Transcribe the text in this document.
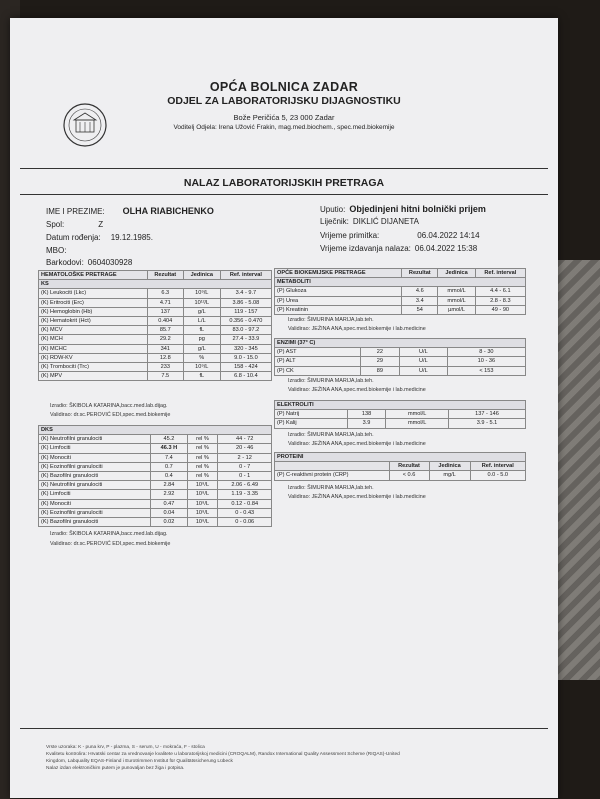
OPĆA BOLNICA ZADAR
ODJEL ZA LABORATORIJSKU DIJAGNOSTIKU
Bože Peričića 5, 23 000 Zadar
Voditelj Odjela: Irena Užović Frakin, mag.med.biochem., spec.med.biokemije
NALAZ LABORATORIJSKIH PRETRAGA
IME I PREZIME: OLHA RIABICHENKO
Spol:	Z
Datum rođenja: 19.12.1985.
MBO:
Barkodovi: 0604030928
Uputio: Objedinjeni hitni bolnički prijem
Liječnik: DIKLIĆ DIJANETA
Vrijeme primitka:	06.04.2022 14:14
Vrijeme izdavanja nalaza: 06.04.2022 15:38
HEMATOLOŠKE PRETRAGE	Rezultat	Jedinica	Ref. interval
KS			
(K) Leukociti (Lkc)	6.3	10⁹/L	3.4 - 9.7
(K) Eritrociti (Erc)	4.71	10¹²/L	3.86 - 5.08
(K) Hemoglobin (Hb)	137	g/L	119 - 157
(K) Hematokrit (Hct)	0.404	L/L	0.356 - 0.470
(K) MCV	85.7	fL	83.0 - 97.2
(K) MCH	29.2	pg	27.4 - 33.9
(K) MCHC	341	g/L	320 - 345
(K) RDW-KV	12.8	%	9.0 - 15.0
(K) Trombociti (Trc)	233	10⁹/L	158 - 424
(K) MPV	7.5	fL	6.8 - 10.4
Izradio: ŠKIBOLA KATARINA,bacc.med.lab.dijag.
Validirao: dr.sc.PEROVIĆ EDI,spec.med.biokemije
DKS			
(K) Neutrofilni granulociti	45.2	rel %	44 - 72
(K) Limfociti	46.3 H	rel %	20 - 46
(K) Monociti	7.4	rel %	2 - 12
(K) Eozinofilni granulociti	0.7	rel %	0 - 7
(K) Bazofilni granulociti	0.4	rel %	0 - 1
(K) Neutrofilni granulociti	2.84	10⁹/L	2.06 - 6.49
(K) Limfociti	2.92	10⁹/L	1.19 - 3.35
(K) Monociti	0.47	10⁹/L	0.12 - 0.84
(K) Eozinofilni granulociti	0.04	10⁹/L	0 - 0.43
(K) Bazofilni granulociti	0.02	10⁹/L	0 - 0.06
Izradio: ŠKIBOLA KATARINA,bacc.med.lab.dijag.
Validirao: dr.sc.PEROVIĆ EDI,spec.med.biokemije
OPĆE BIOKEMIJSKE PRETRAGE	Rezultat	Jedinica	Ref. interval
METABOLITI			
(P) Glukoza	4.6	mmol/L	4.4 - 6.1
(P) Urea	3.4	mmol/L	2.8 - 8.3
(P) Kreatinin	54	µmol/L	49 - 90
Izradio: ŠIMURINA MARIJA,lab.teh.
Validirao: JEŽINA ANA,spec.med.biokemije i lab.medicine
ENZIMI (37° C)			
(P) AST	22	U/L	8 - 30
(P) ALT	29	U/L	10 - 36
(P) CK	89	U/L	< 153
Izradio: ŠIMURINA MARIJA,lab.teh.
Validirao: JEŽINA ANA,spec.med.biokemije i lab.medicine
ELEKTROLITI			
(P) Natrij	138	mmol/L	137 - 146
(P) Kalij	3.9	mmol/L	3.9 - 5.1
Izradio: ŠIMURINA MARIJA,lab.teh.
Validirao: JEŽINA ANA,spec.med.biokemije i lab.medicine
PROTEINI			
	Rezultat	Jedinica	Ref. interval
(P) C-reaktivni protein (CRP)	< 0.6	mg/L	0.0 - 5.0
Izradio: ŠIMURINA MARIJA,lab.teh.
Validirao: JEŽINA ANA,spec.med.biokemije i lab.medicine
Vrste uzoraka: K - puna krv, P - plazma, S - serum, U - mokraća, F - stolica
Kvalitetu kontrolira: Hrvatski centar za vrednovanje kvalitete u laboratorijskoj medicini (CROQALM), Randox International Quality Assessment Scheme (RIQAS)-United
Kingdom, Labquality EQAS-Finland i Eurotrimmen Institut für Qualitätssicherung Lübeck
Nalaz izdan elektroničkim putem je punovaljan bez žiga i potpisa.
